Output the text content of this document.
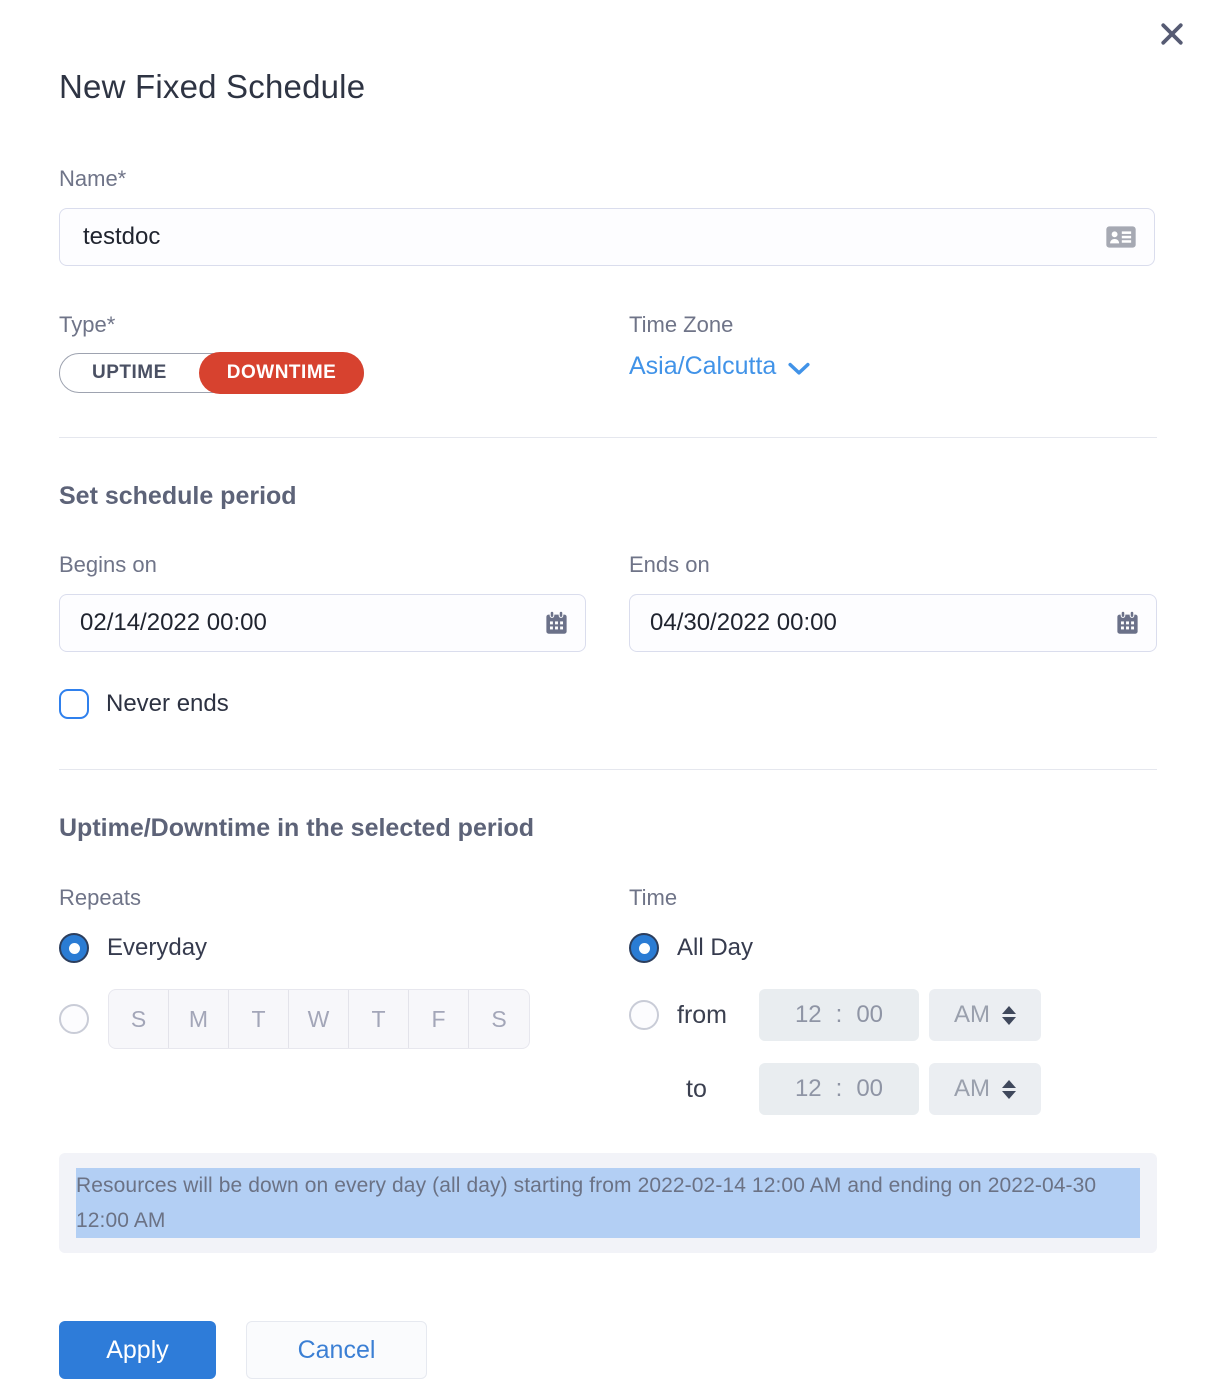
New Fixed Schedule
Name*
testdoc
Type*
UPTIME	DOWNTIME
Time Zone
Asia/Calcutta
Set schedule period
Begins on
02/14/2022 00:00	Ends on
04/30/2022 00:00
Never ends
Uptime/Downtime in the selected period
Repeats
Everyday
S	M	T	W	T	F	S
Time
All Day
from	12 : 00	AM
to	12 : 00	AM
Resources will be down on every day (all day) starting from 2022-02-14 12:00 AM and ending on 2022-04-30 12:00 AM
Apply	Cancel
